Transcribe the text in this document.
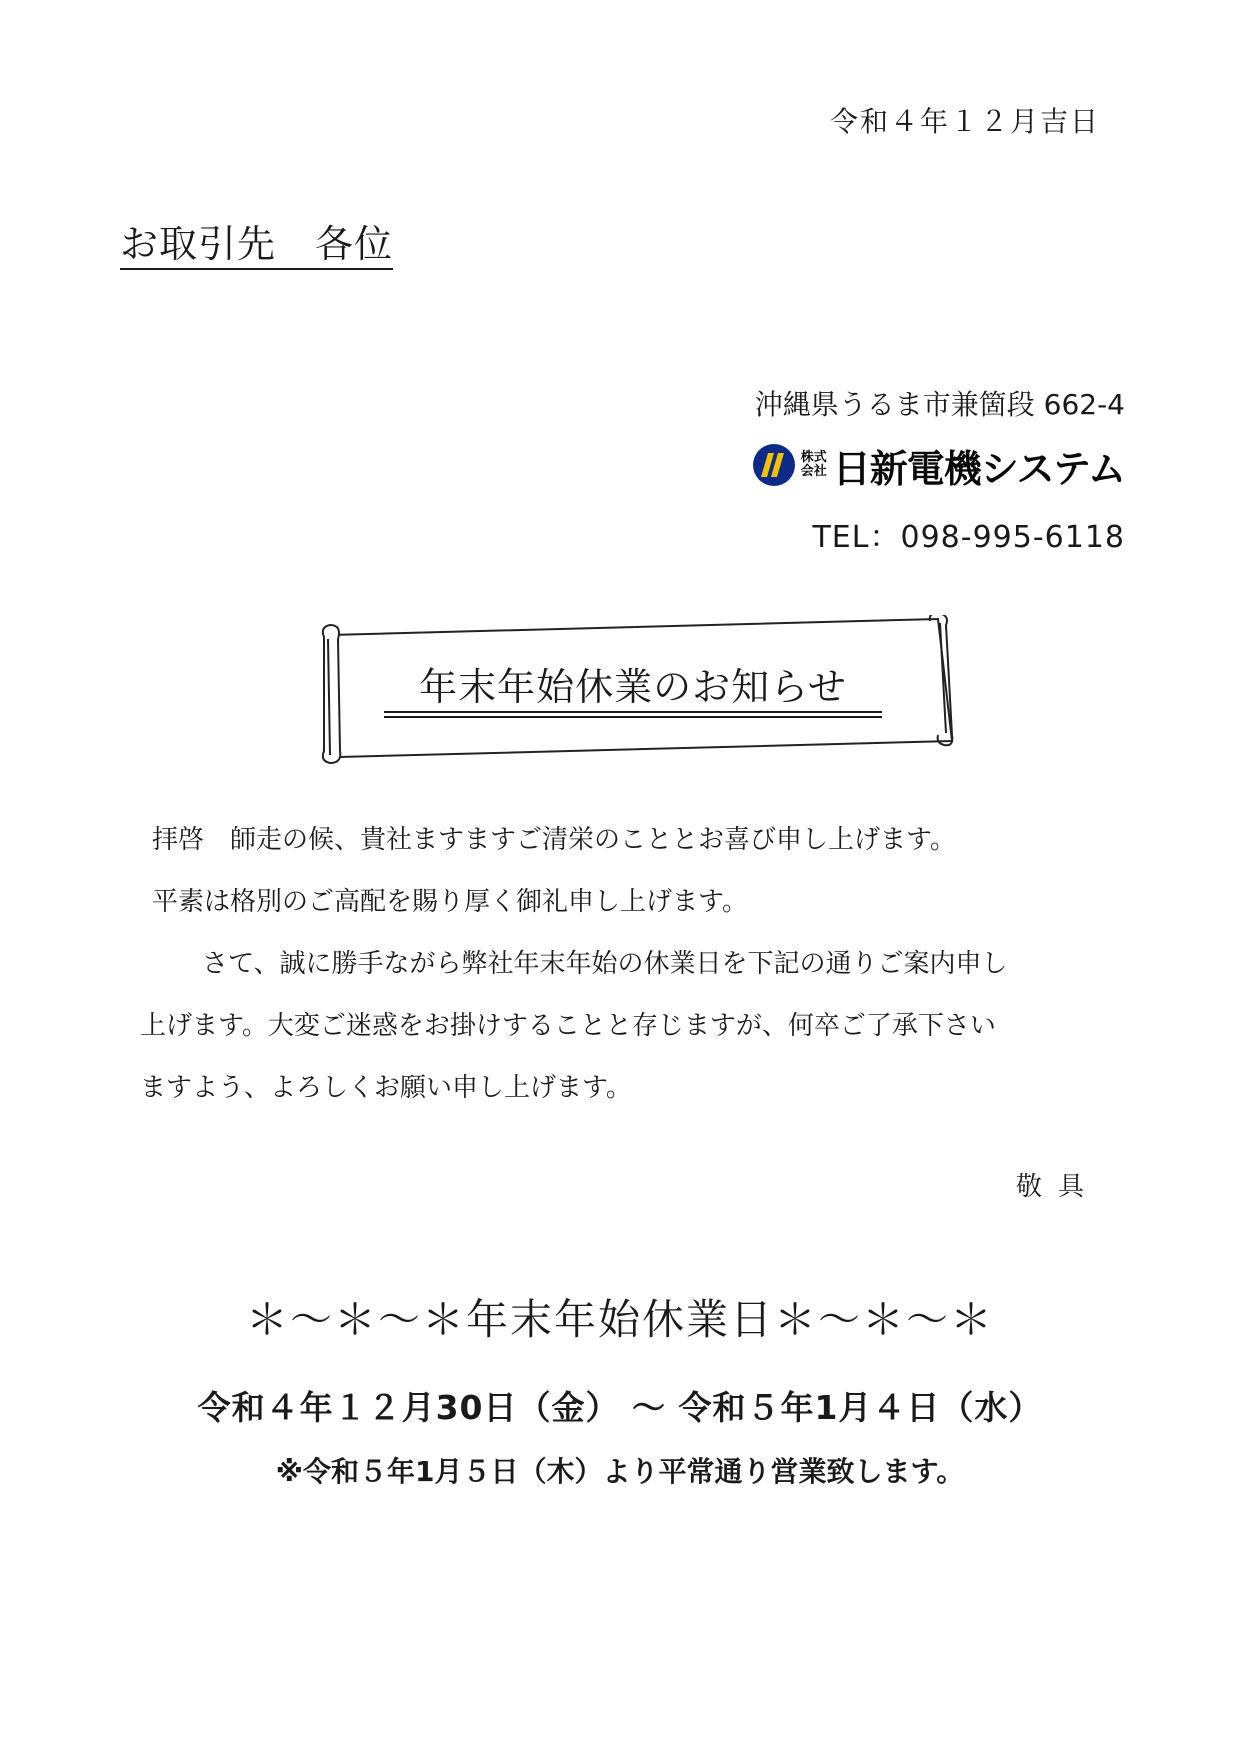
令和４年１２月吉日
お取引先　各位
沖縄県うるま市兼箇段 662-4
株式
会社 日新電機システム
TEL：098-995-6118
年末年始休業のお知らせ

拝啓　師走の候、貴社ますますご清栄のこととお喜び申し上げます。

平素は格別のご高配を賜り厚く御礼申し上げます。

さて、誠に勝手ながら弊社年末年始の休業日を下記の通りご案内申し

上げます。大変ご迷惑をお掛けすることと存じますが、何卒ご了承下さい

ますよう、よろしくお願い申し上げます。

敬具
＊～＊～＊年末年始休業日＊～＊～＊
令和４年１２月30日（金） ～ 令和５年1月４日（水）
※令和５年1月５日（木）より平常通り営業致します。
